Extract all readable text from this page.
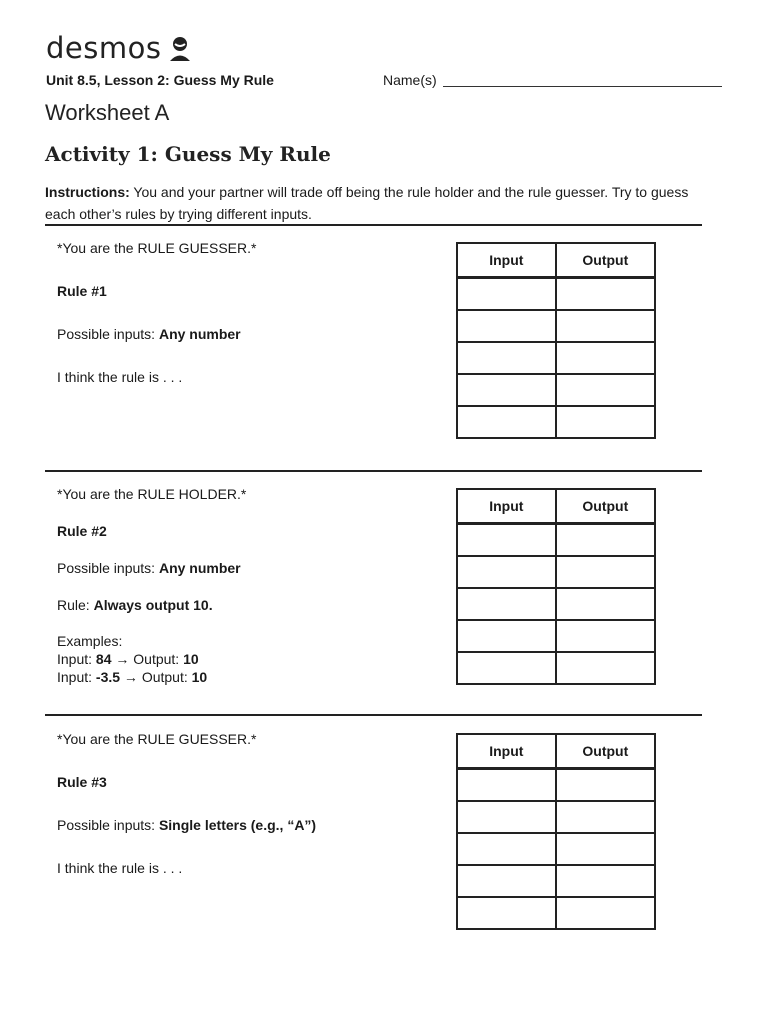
desmos
Unit 8.5, Lesson 2: Guess My Rule	Name(s)
Worksheet A
Activity 1: Guess My Rule
Instructions: You and your partner will trade off being the rule holder and the rule guesser. Try to guess each other’s rules by trying different inputs.

*You are the RULE GUESSER.*

Rule #1

Possible inputs: Any number

I think the rule is . . .

Input	Output

*You are the RULE HOLDER.*

Rule #2

Possible inputs: Any number

Rule: Always output 10.

Examples:

Input: 84 → Output: 10

Input: -3.5 → Output: 10

Input	Output

*You are the RULE GUESSER.*

Rule #3

Possible inputs: Single letters (e.g., “A”)

I think the rule is . . .

Input	Output
